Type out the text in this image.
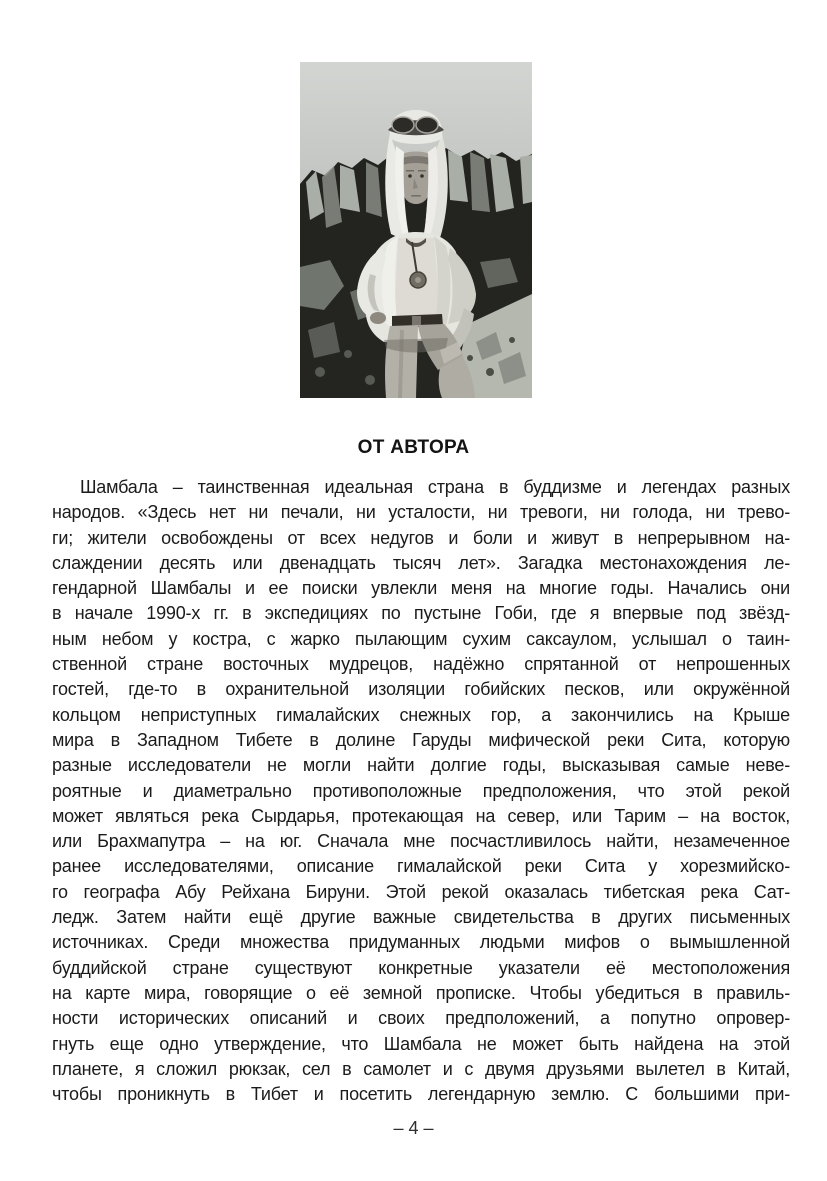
ОТ АВТОРА
Шамбала – таинственная идеальная страна в буддизме и легендах разных
народов. «Здесь нет ни печали, ни усталости, ни тревоги, ни голода, ни трево-
ги; жители освобождены от всех недугов и боли и живут в непрерывном на-
слаждении десять или двенадцать тысяч лет». Загадка местонахождения ле-
гендарной Шамбалы и ее поиски увлекли меня на многие годы. Начались они
в начале 1990-х гг. в экспедициях по пустыне Гоби, где я впервые под звёзд-
ным небом у костра, с жарко пылающим сухим саксаулом, услышал о таин-
ственной стране восточных мудрецов, надёжно спрятанной от непрошенных
гостей, где-то в охранительной изоляции гобийских песков, или окружённой
кольцом неприступных гималайских снежных гор, а закончились на Крыше
мира в Западном Тибете в долине Гаруды мифической реки Сита, которую
разные исследователи не могли найти долгие годы, высказывая самые неве-
роятные и диаметрально противоположные предположения, что этой рекой
может являться река Сырдарья, протекающая на север, или Тарим – на восток,
или Брахмапутра – на юг. Сначала мне посчастливилось найти, незамеченное
ранее исследователями, описание гималайской реки Сита у хорезмийско-
го географа Абу Рейхана Бируни. Этой рекой оказалась тибетская река Сат-
ледж. Затем найти ещё другие важные свидетельства в других письменных
источниках. Среди множества придуманных людьми мифов о вымышленной
буддийской стране существуют конкретные указатели её местоположения
на карте мира, говорящие о её земной прописке. Чтобы убедиться в правиль-
ности исторических описаний и своих предположений, а попутно опровер-
гнуть еще одно утверждение, что Шамбала не может быть найдена на этой
планете, я сложил рюкзак, сел в самолет и с двумя друзьями вылетел в Китай,
чтобы проникнуть в Тибет и посетить легендарную землю. С большими при-
– 4 –
